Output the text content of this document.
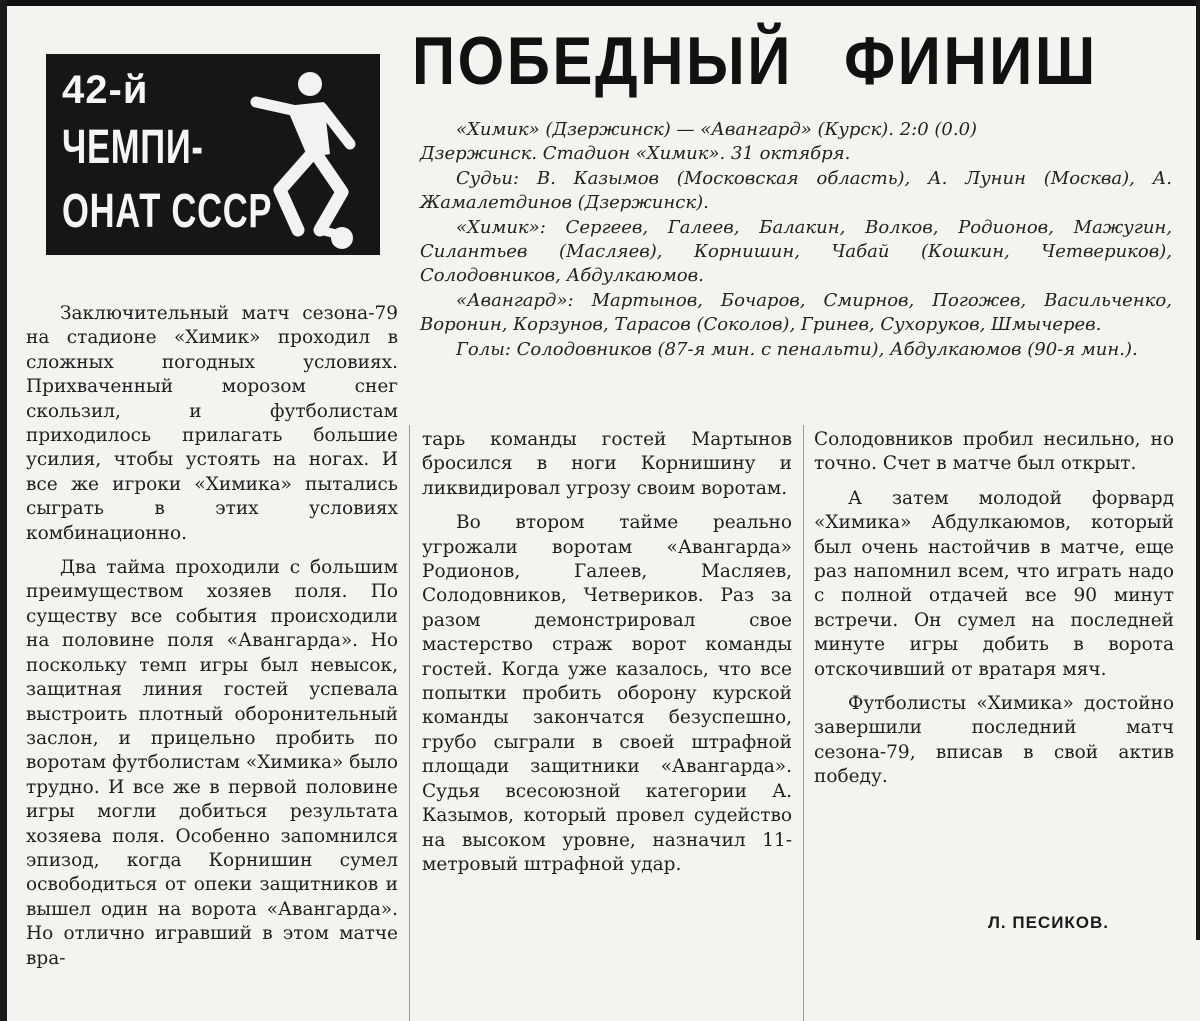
42-й
ЧЕМПИ-
ОНАТ СССР
ПОБЕДНЫЙ ФИНИШ

«Химик» (Дзержинск) — «Авангард» (Курск). 2:0 (0.0)

Дзержинск. Стадион «Химик». 31 октября.

Судьи: В. Казымов (Московская область), А. Лунин (Москва), А. Жамалетдинов (Дзержинск).

«Химик»: Сергеев, Галеев, Балакин, Волков, Родионов, Мажугин, Силантьев (Масляев), Корнишин, Чабай (Кошкин, Четвериков), Солодовников, Абдулкаюмов.

«Авангард»: Мартынов, Бочаров, Смирнов, Погожев, Васильченко, Воронин, Корзунов, Тарасов (Соколов), Гринев, Сухоруков, Шмычерев.

Голы: Солодовников (87-я мин. с пенальти), Абдулкаюмов (90-я мин.).

Заключительный матч сезона-79 на стадионе «Химик» проходил в сложных погодных условиях. Прихваченный морозом снег скользил, и футболистам приходилось прилагать большие усилия, чтобы устоять на ногах. И все же игроки «Химика» пытались сыграть в этих условиях комбинационно.

Два тайма проходили с большим преимуществом хозяев поля. По существу все события происходили на половине поля «Авангарда». Но поскольку темп игры был невысок, защитная линия гостей успевала выстроить плотный оборонительный заслон, и прицельно пробить по воротам футболистам «Химика» было трудно. И все же в первой половине игры могли добиться результата хозяева поля. Особенно запомнился эпизод, когда Корнишин сумел освободиться от опеки защитников и вышел один на ворота «Авангарда». Но отлично игравший в этом матче вра-

тарь команды гостей Мартынов бросился в ноги Корнишину и ликвидировал угрозу своим воротам.

Во втором тайме реально угрожали воротам «Авангарда» Родионов, Галеев, Масляев, Солодовников, Четвериков. Раз за разом демонстрировал свое мастерство страж ворот команды гостей. Когда уже казалось, что все попытки пробить оборону курской команды закончатся безуспешно, грубо сыграли в своей штрафной площади защитники «Авангарда». Судья всесоюзной категории А. Казымов, который провел судейство на высоком уровне, назначил 11-метровый штрафной удар.

Солодовников пробил несильно, но точно. Счет в матче был открыт.

А затем молодой форвард «Химика» Абдулкаюмов, который был очень настойчив в матче, еще раз напомнил всем, что играть надо с полной отдачей все 90 минут встречи. Он сумел на последней минуте игры добить в ворота отскочивший от вратаря мяч.

Футболисты «Химика» достойно завершили последний матч сезона-79, вписав в свой актив победу.

Л. ПЕСИКОВ.
